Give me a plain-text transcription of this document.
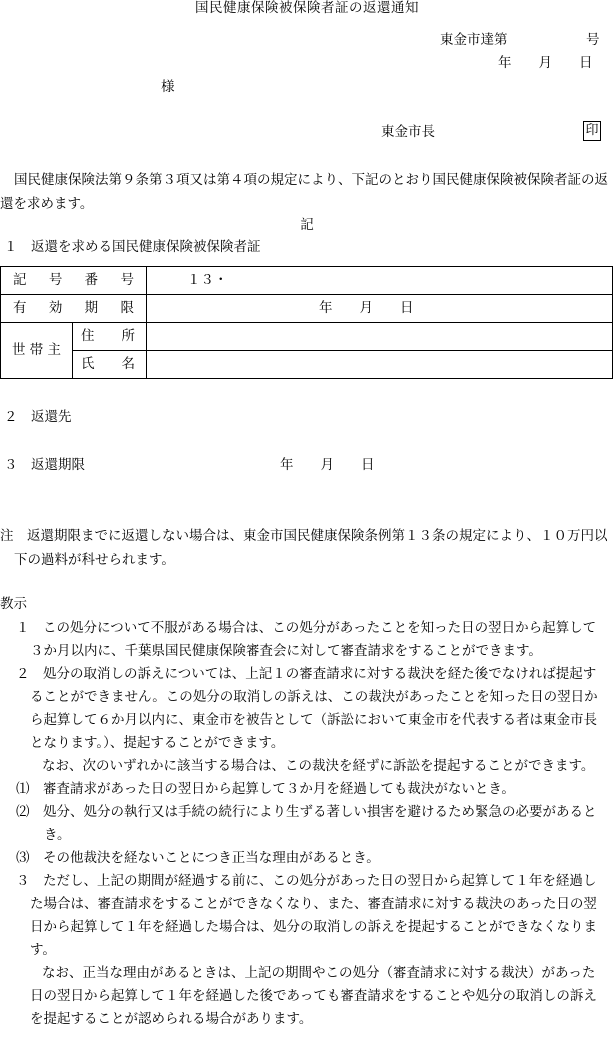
国民健康保険被保険者証の返還通知
東金市達第	号
年　　月　　日
様
東金市長	印
国民健康保険法第９条第３項又は第４項の規定により、下記のとおり国民健康保険被保険者証の返還を求めます。
記
１　返還を求める国民健康保険被保険者証
記 号 番 号		１３・

有 効 期 限		年　　月　　日
世 帯 主	住　　所	
	氏　　名	
２　返還先
３　返還期限	年　　月　　日
注　返還期限までに返還しない場合は、東金市国民健康保険条例第１３条の規定により、１０万円以下の過料が科せられます。
教示
１　この処分について不服がある場合は、この処分があったことを知った日の翌日から起算して３か月以内に、千葉県国民健康保険審査会に対して審査請求をすることができます。
２　処分の取消しの訴えについては、上記１の審査請求に対する裁決を経た後でなければ提起することができません。この処分の取消しの訴えは、この裁決があったことを知った日の翌日から起算して６か月以内に、東金市を被告として（訴訟において東金市を代表する者は東金市長となります。）、提起することができます。
なお、次のいずれかに該当する場合は、この裁決を経ずに訴訟を提起することができます。
⑴　審査請求があった日の翌日から起算して３か月を経過しても裁決がないとき。
⑵　処分、処分の執行又は手続の続行により生ずる著しい損害を避けるため緊急の必要があるとき。
⑶　その他裁決を経ないことにつき正当な理由があるとき。
３　ただし、上記の期間が経過する前に、この処分があった日の翌日から起算して１年を経過した場合は、審査請求をすることができなくなり、また、審査請求に対する裁決のあった日の翌日から起算して１年を経過した場合は、処分の取消しの訴えを提起することができなくなります。
なお、正当な理由があるときは、上記の期間やこの処分（審査請求に対する裁決）があった日の翌日から起算して１年を経過した後であっても審査請求をすることや処分の取消しの訴えを提起することが認められる場合があります。
